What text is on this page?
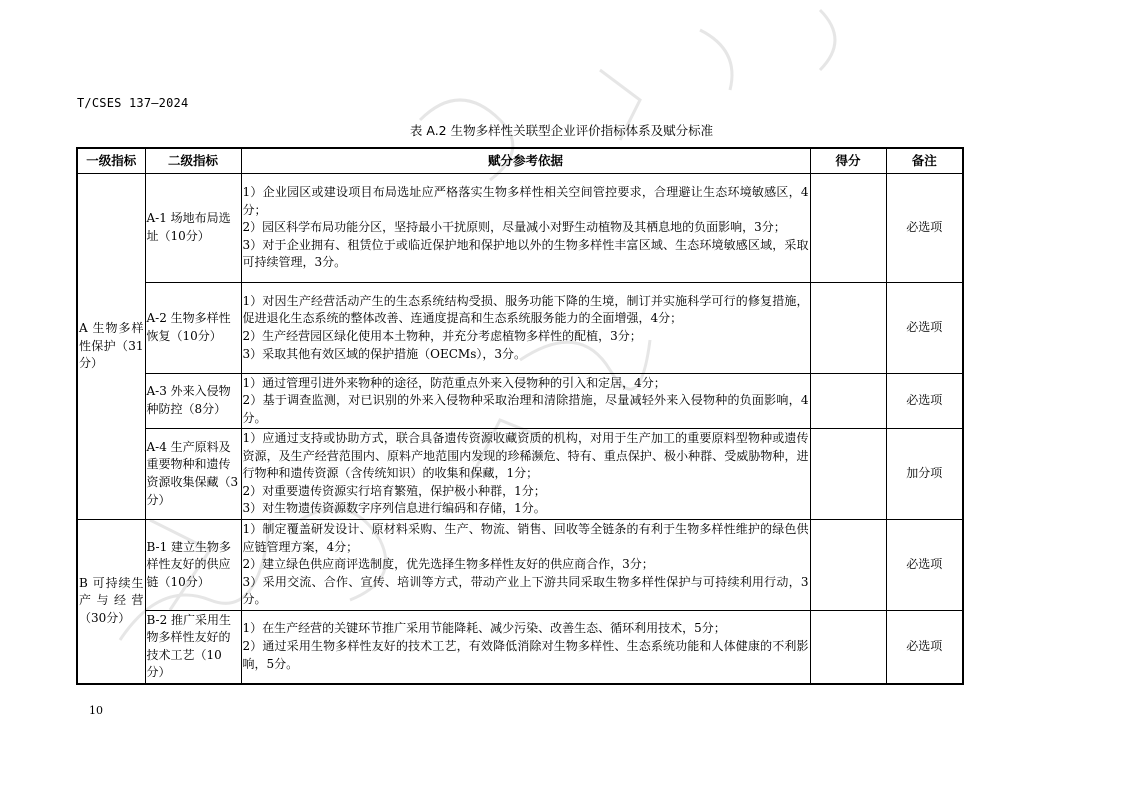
T/CSES 137—2024
表 A.2 生物多样性关联型企业评价指标体系及赋分标准
一级指标	二级指标	赋分参考依据	得分	备注
A 生物多样性保护（31分）	A-1 场地布局选址（10分）	1）企业园区或建设项目布局选址应严格落实生物多样性相关空间管控要求，合理避让生态环境敏感区，4分；
2）园区科学布局功能分区，坚持最小干扰原则，尽量减小对野生动植物及其栖息地的负面影响，3分；
3）对于企业拥有、租赁位于或临近保护地和保护地以外的生物多样性丰富区域、生态环境敏感区域，采取可持续管理，3分。		必选项
	A-2 生物多样性恢复（10分）	1）对因生产经营活动产生的生态系统结构受损、服务功能下降的生境，制订并实施科学可行的修复措施，促进退化生态系统的整体改善、连通度提高和生态系统服务能力的全面增强，4分；
2）生产经营园区绿化使用本土物种，并充分考虑植物多样性的配植，3分；
3）采取其他有效区域的保护措施（OECMs），3分。		必选项
	A-3 外来入侵物种防控（8分）	1）通过管理引进外来物种的途径，防范重点外来入侵物种的引入和定居，4分；
2）基于调查监测，对已识别的外来入侵物种采取治理和清除措施，尽量减轻外来入侵物种的负面影响，4分。		必选项
	A-4 生产原料及重要物种和遗传资源收集保藏（3分）	1）应通过支持或协助方式，联合具备遗传资源收藏资质的机构，对用于生产加工的重要原料型物种或遗传资源，及生产经营范围内、原料产地范围内发现的珍稀濒危、特有、重点保护、极小种群、受威胁物种，进行物种和遗传资源（含传统知识）的收集和保藏，1分；
2）对重要遗传资源实行培育繁殖，保护极小种群，1分；
3）对生物遗传资源数字序列信息进行编码和存储，1分。		加分项
B 可持续生产与经营（30分）	B-1 建立生物多样性友好的供应链（10分）	1）制定覆盖研发设计、原材料采购、生产、物流、销售、回收等全链条的有利于生物多样性维护的绿色供应链管理方案，4分；
2）建立绿色供应商评选制度，优先选择生物多样性友好的供应商合作，3分；
3）采用交流、合作、宣传、培训等方式，带动产业上下游共同采取生物多样性保护与可持续利用行动，3分。		必选项
	B-2 推广采用生物多样性友好的技术工艺（10分）	1）在生产经营的关键环节推广采用节能降耗、减少污染、改善生态、循环利用技术，5分；
2）通过采用生物多样性友好的技术工艺，有效降低消除对生物多样性、生态系统功能和人体健康的不利影响，5分。		必选项
10
